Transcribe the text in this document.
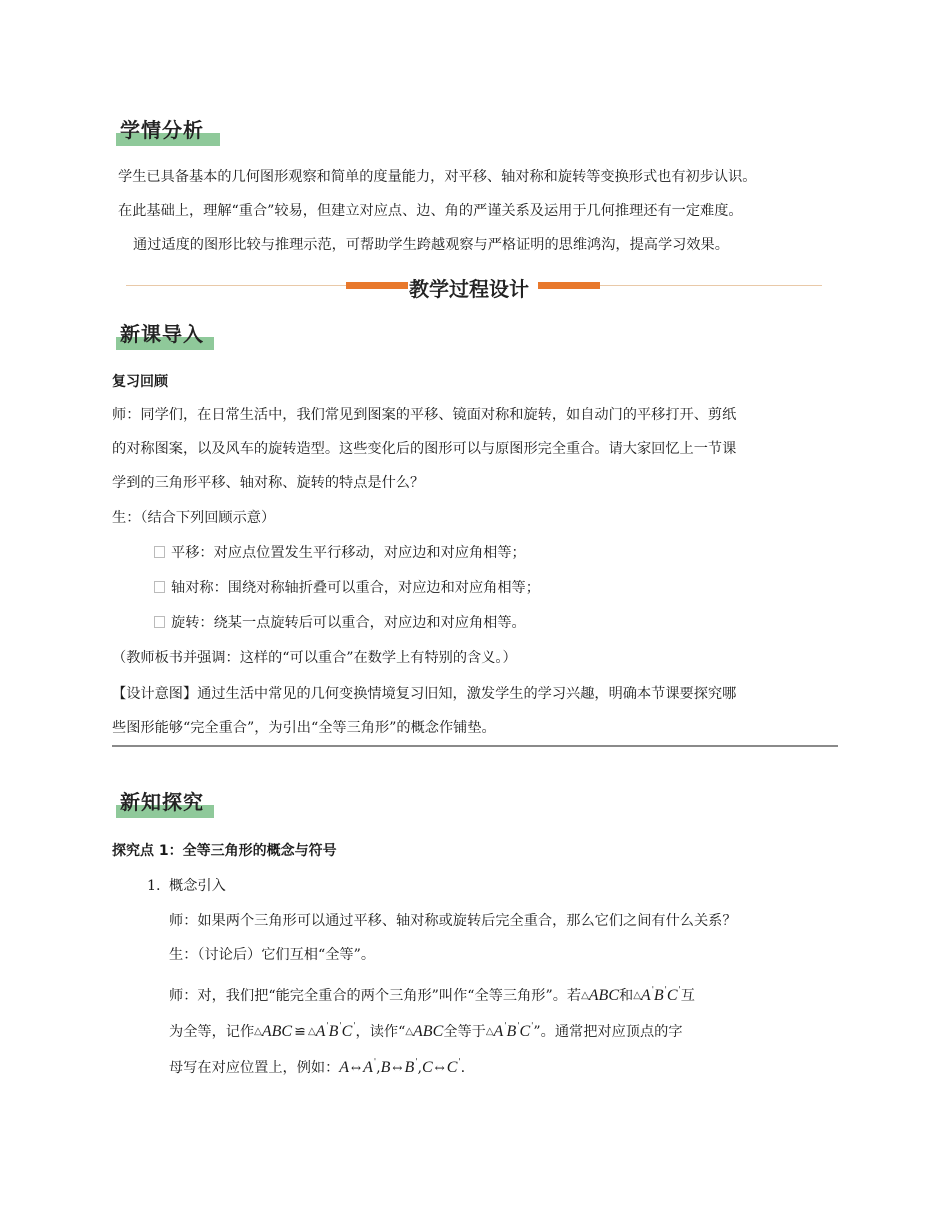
学情分析
学生已具备基本的几何图形观察和简单的度量能力，对平移、轴对称和旋转等变换形式也有初步认识。
在此基础上，理解“重合”较易，但建立对应点、边、角的严谨关系及运用于几何推理还有一定难度。
通过适度的图形比较与推理示范，可帮助学生跨越观察与严格证明的思维鸿沟，提高学习效果。
教学过程设计
新课导入
复习回顾
师：同学们，在日常生活中，我们常见到图案的平移、镜面对称和旋转，如自动门的平移打开、剪纸
的对称图案，以及风车的旋转造型。这些变化后的图形可以与原图形完全重合。请大家回忆上一节课
学到的三角形平移、轴对称、旋转的特点是什么？
生：（结合下列回顾示意）
平移：对应点位置发生平行移动，对应边和对应角相等；
轴对称：围绕对称轴折叠可以重合，对应边和对应角相等；
旋转：绕某一点旋转后可以重合，对应边和对应角相等。
（教师板书并强调：这样的“可以重合”在数学上有特别的含义。）
【设计意图】通过生活中常见的几何变换情境复习旧知，激发学生的学习兴趣，明确本节课要探究哪
些图形能够“完全重合”，为引出“全等三角形”的概念作铺垫。
新知探究
探究点 1：全等三角形的概念与符号
1. 概念引入
师：如果两个三角形可以通过平移、轴对称或旋转后完全重合，那么它们之间有什么关系？
生：（讨论后）它们互相“全等”。
师：对，我们把“能完全重合的两个三角形”叫作“全等三角形”。若△ABC和△A'B'C'互
为全等，记作△ABC ≌ △A'B'C'，读作“△ABC全等于△A'B'C'”。通常把对应顶点的字
母写在对应位置上，例如：A ↔ A',B ↔ B',C ↔ C'.
